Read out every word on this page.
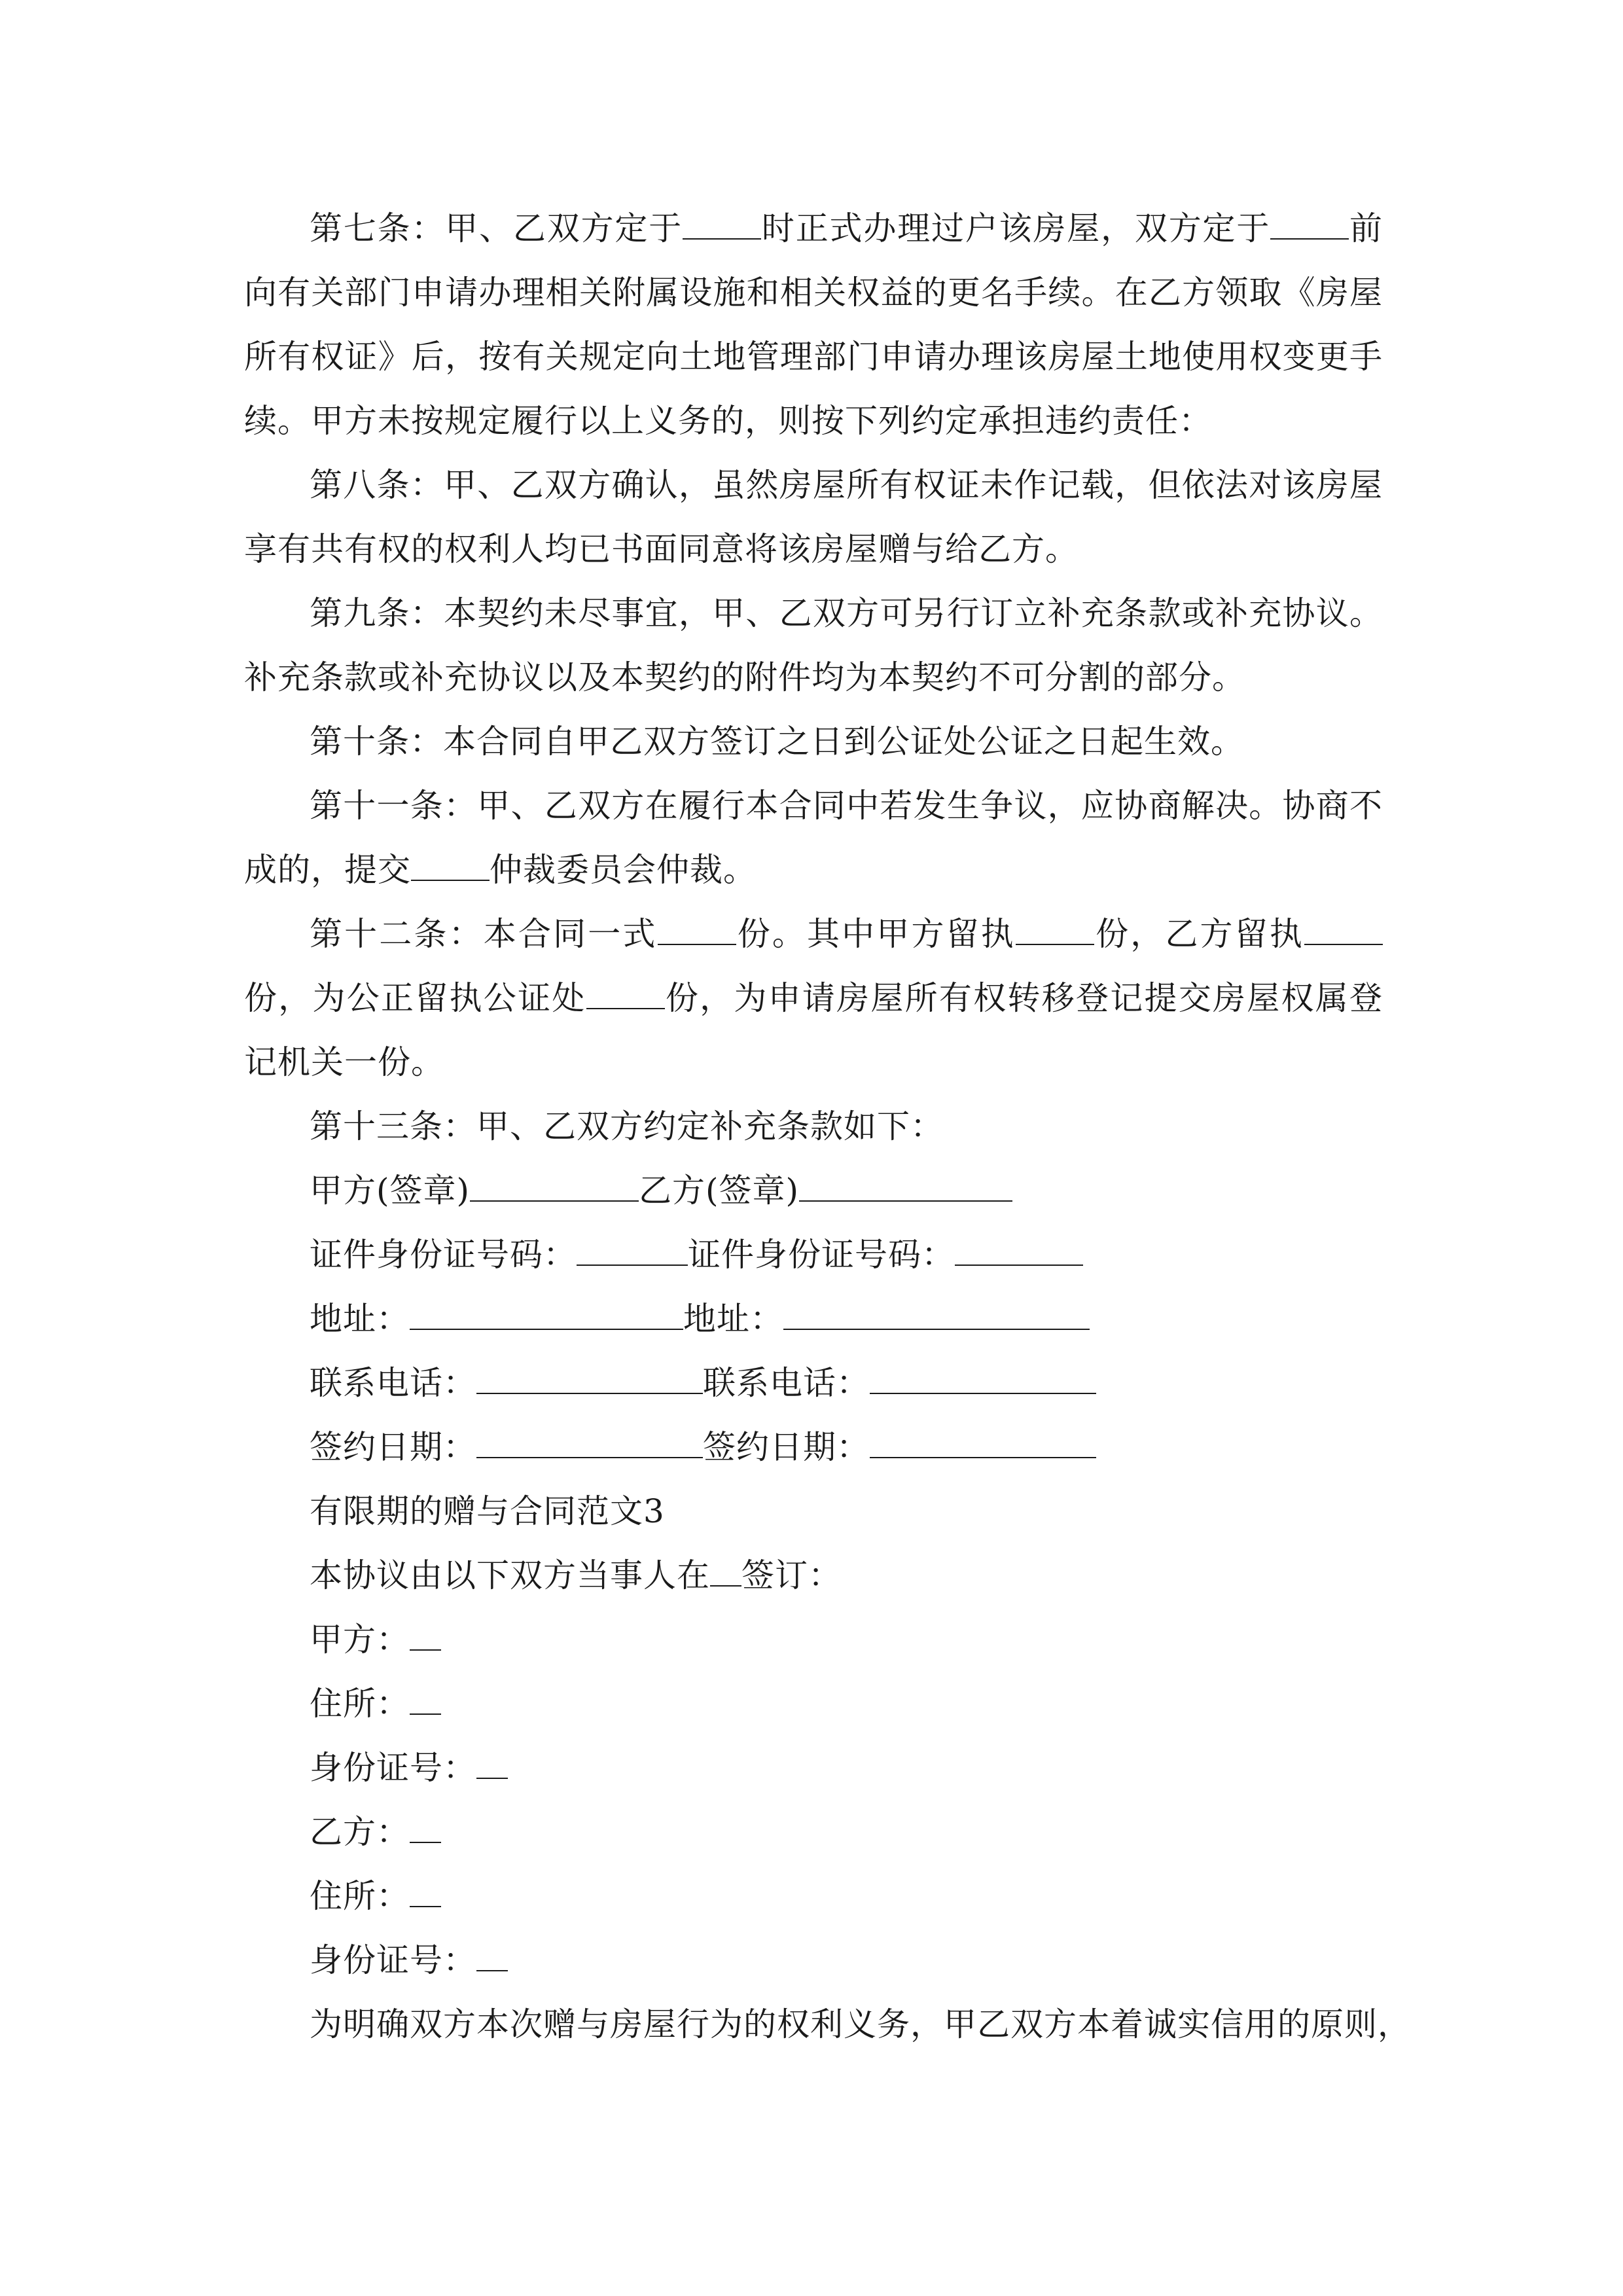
第七条：甲、乙双方定于 时正式办理过户该房屋，双方定于 前向有关部门申请办理相关附属设施和相关权益的更名手续。在乙方领取《房屋所有权证》后，按有关规定向土地管理部门申请办理该房屋土地使用权变更手续。甲方未按规定履行以上义务的，则按下列约定承担违约责任：

第八条：甲、乙双方确认，虽然房屋所有权证未作记载，但依法对该房屋享有共有权的权利人均已书面同意将该房屋赠与给乙方。

第九条：本契约未尽事宜，甲、乙双方可另行订立补充条款或补充协议。补充条款或补充协议以及本契约的附件均为本契约不可分割的部分。

第十条：本合同自甲乙双方签订之日到公证处公证之日起生效。

第十一条：甲、乙双方在履行本合同中若发生争议，应协商解决。协商不成的，提交 仲裁委员会仲裁。

第十二条：本合同一式 份。其中甲方留执 份，乙方留执份，为公正留执公证处 份，为申请房屋所有权转移登记提交房屋权属登记机关一份。

第十三条：甲、乙双方约定补充条款如下：

甲方(签章)	乙方(签章)

证件身份证号码：	证件身份证号码：

地址：	地址：

联系电话：	联系电话：

签约日期：	签约日期：

有限期的赠与合同范文3

本协议由以下双方当事人在 签订：

甲方：

住所：

身份证号：

乙方：

住所：

身份证号：

为明确双方本次赠与房屋行为的权利义务，甲乙双方本着诚实信用的原则，
